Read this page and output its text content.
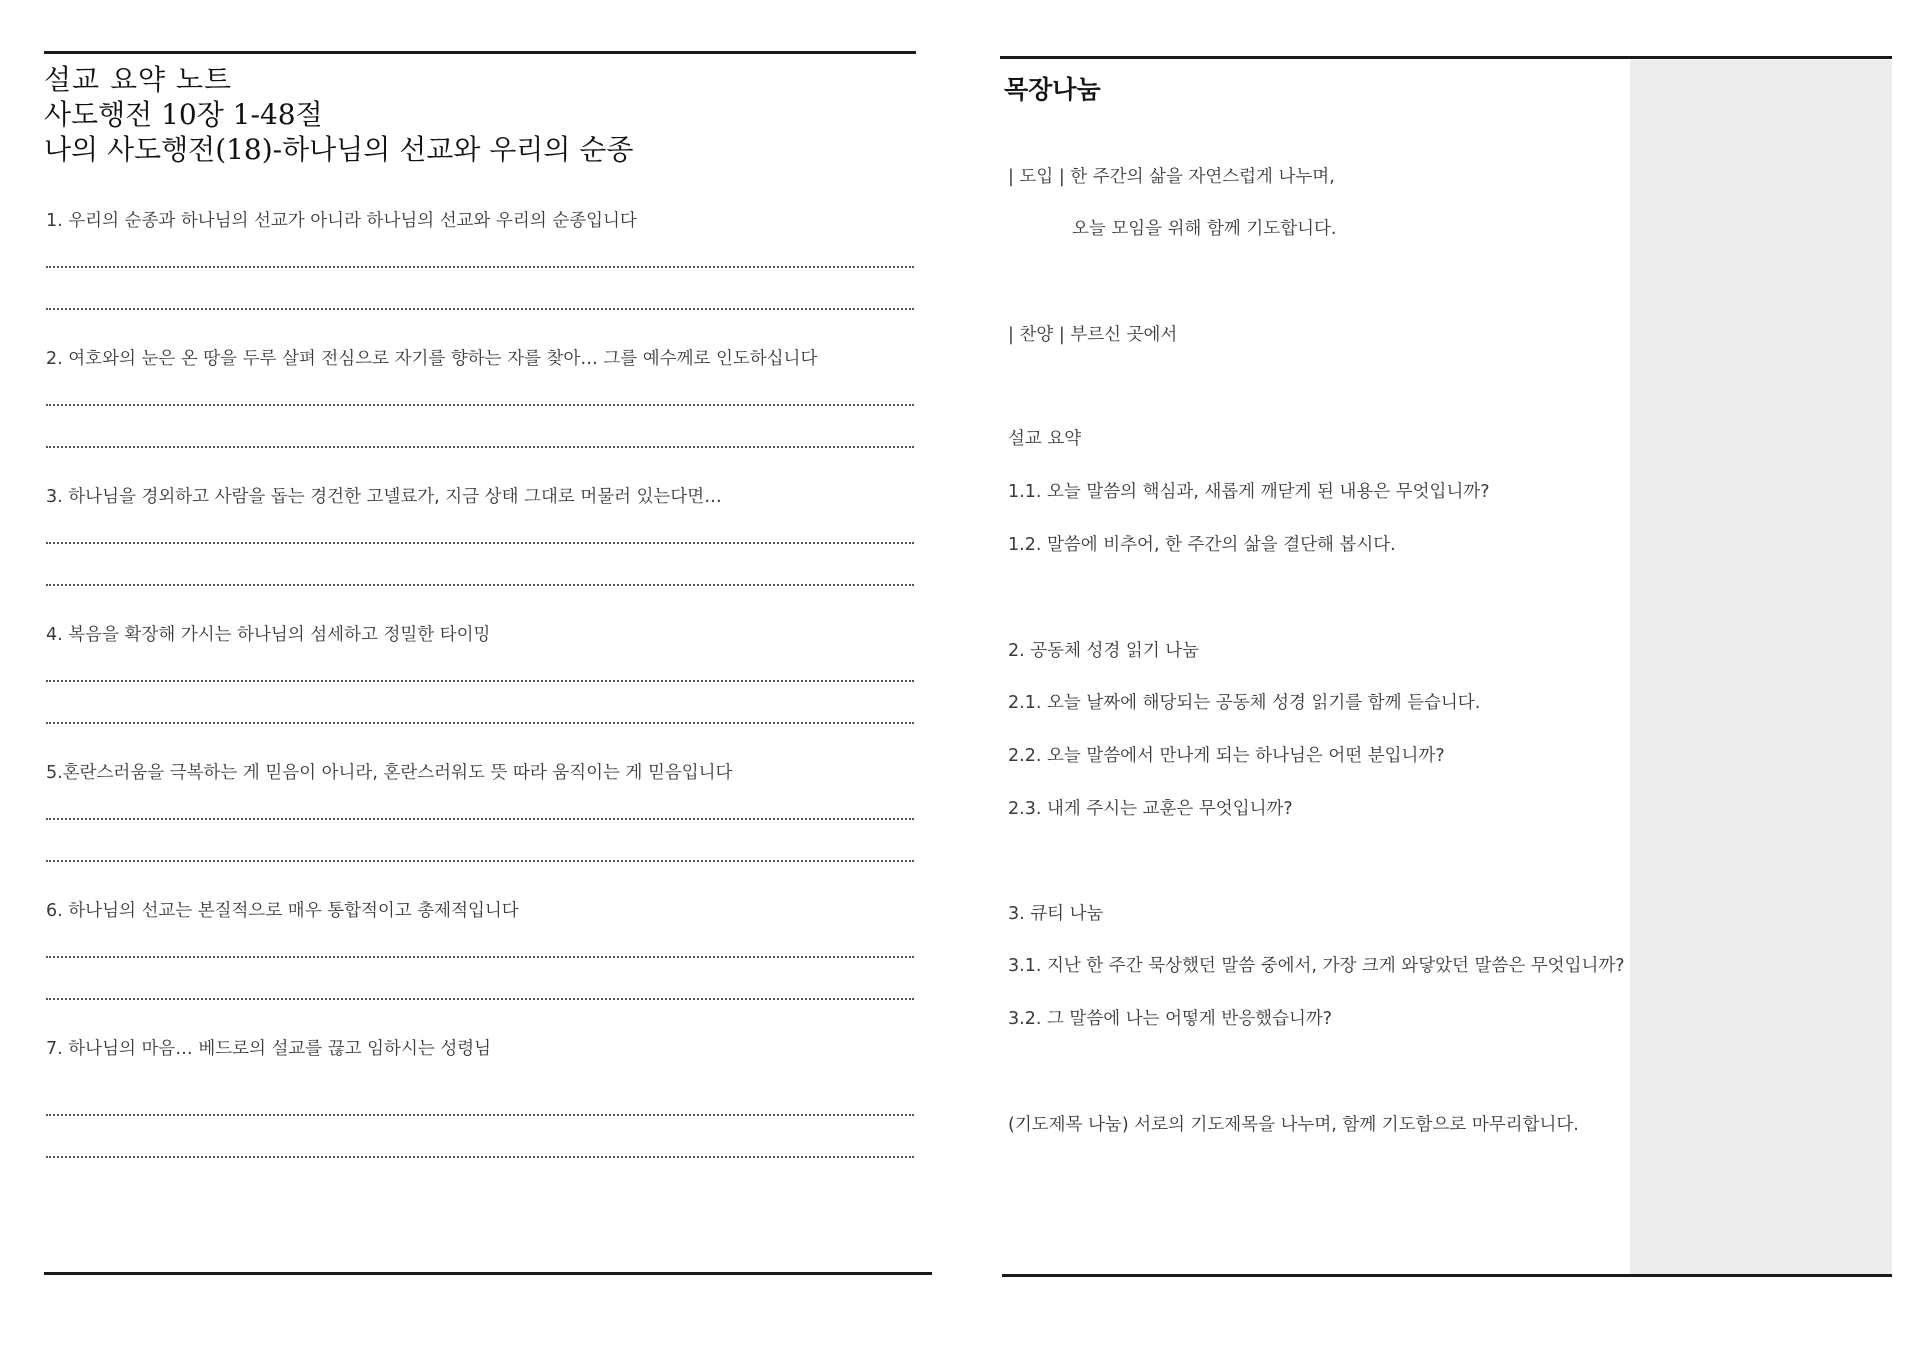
설교 요약 노트
사도행전 10장 1-48절
나의 사도행전(18)-하나님의 선교와 우리의 순종
1. 우리의 순종과 하나님의 선교가 아니라 하나님의 선교와 우리의 순종입니다
2. 여호와의 눈은 온 땅을 두루 살펴 전심으로 자기를 향하는 자를 찾아… 그를 예수께로 인도하십니다
3. 하나님을 경외하고 사람을 돕는 경건한 고넬료가, 지금 상태 그대로 머물러 있는다면…
4. 복음을 확장해 가시는 하나님의 섬세하고 정밀한 타이밍
5.혼란스러움을 극복하는 게 믿음이 아니라, 혼란스러워도 뜻 따라 움직이는 게 믿음입니다
6. 하나님의 선교는 본질적으로 매우 통합적이고 총제적입니다
7. 하나님의 마음… 베드로의 설교를 끊고 임하시는 성령님
목장나눔
| 도입 | 한 주간의 삶을 자연스럽게 나누며,
오늘 모임을 위해 함께 기도합니다.
| 찬양 | 부르신 곳에서
설교 요약
1.1. 오늘 말씀의 핵심과, 새롭게 깨닫게 된 내용은 무엇입니까?
1.2. 말씀에 비추어, 한 주간의 삶을 결단해 봅시다.
2. 공동체 성경 읽기 나눔
2.1. 오늘 날짜에 해당되는 공동체 성경 읽기를 함께 듣습니다.
2.2. 오늘 말씀에서 만나게 되는 하나님은 어떤 분입니까?
2.3. 내게 주시는 교훈은 무엇입니까?
3. 큐티 나눔
3.1. 지난 한 주간 묵상했던 말씀 중에서, 가장 크게 와닿았던 말씀은 무엇입니까?
3.2. 그 말씀에 나는 어떻게 반응했습니까?
(기도제목 나눔) 서로의 기도제목을 나누며, 함께 기도함으로 마무리합니다.
